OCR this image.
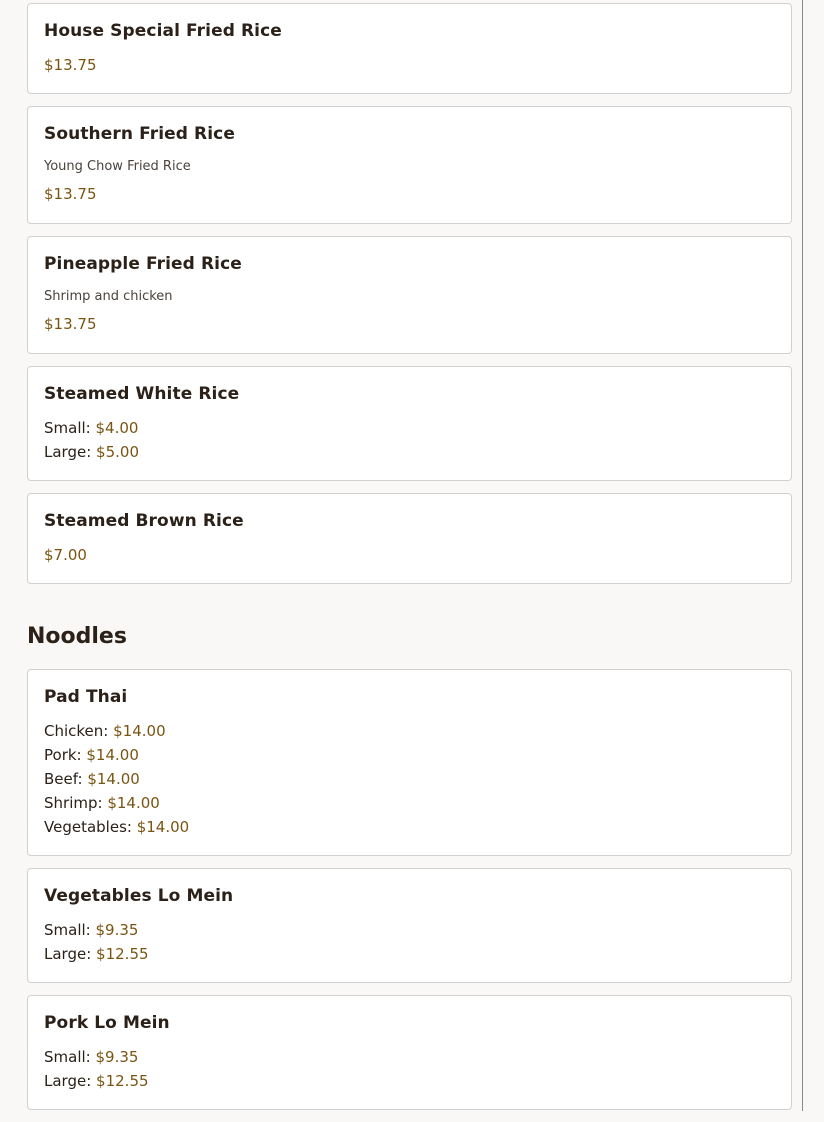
House Special Fried Rice
$13.75
Southern Fried Rice
Young Chow Fried Rice
$13.75
Pineapple Fried Rice
Shrimp and chicken
$13.75
Steamed White Rice
Small: $4.00
Large: $5.00
Steamed Brown Rice
$7.00
Noodles
Pad Thai
Chicken: $14.00
Pork: $14.00
Beef: $14.00
Shrimp: $14.00
Vegetables: $14.00
Vegetables Lo Mein
Small: $9.35
Large: $12.55
Pork Lo Mein
Small: $9.35
Large: $12.55
